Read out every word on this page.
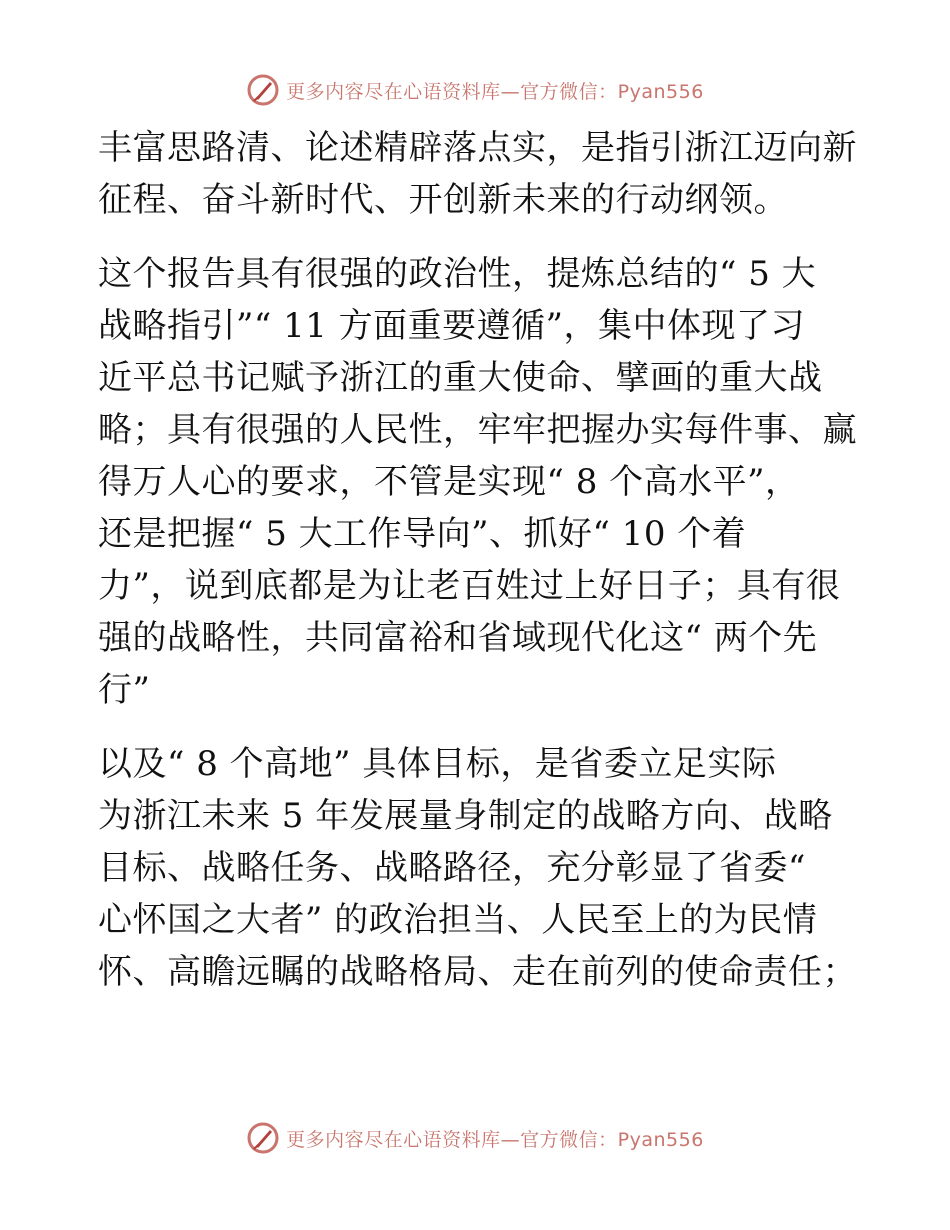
更多内容尽在心语资料库—官方微信：Pyan556
丰富思路清、论述精辟落点实，是指引浙江迈向新
征程、奋斗新时代、开创新未来的行动纲领。
这个报告具有很强的政治性，提炼总结的“ 5 大
战略指引”“ 11 方面重要遵循”，集中体现了习
近平总书记赋予浙江的重大使命、擘画的重大战
略；具有很强的人民性，牢牢把握办实每件事、赢
得万人心的要求，不管是实现“ 8 个高水平”，
还是把握“ 5 大工作导向”、抓好“ 10 个着
力”，说到底都是为让老百姓过上好日子；具有很
强的战略性，共同富裕和省域现代化这“ 两个先
行”
以及“ 8 个高地” 具体目标，是省委立足实际
为浙江未来 5 年发展量身制定的战略方向、战略
目标、战略任务、战略路径，充分彰显了省委“
心怀国之大者” 的政治担当、人民至上的为民情
怀、高瞻远瞩的战略格局、走在前列的使命责任；
更多内容尽在心语资料库—官方微信：Pyan556
